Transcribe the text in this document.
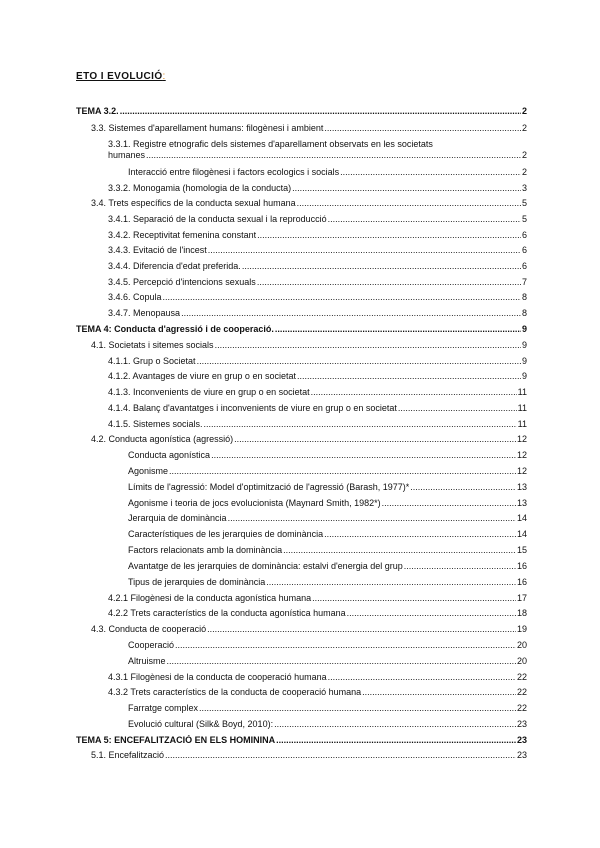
ETO I EVOLUCIÓ:
TEMA 3.2. .....	2
3.3. Sistemes d'aparellament humans: filogènesi i ambient .....	2
3.3.1. Registre etnografic dels sistemes d'aparellament observats en les societats
humanes .....	2
Interacció entre filogènesi i factors ecologics i socials .....	2
3.3.2. Monogamia (homologia de la conducta) .....	3
3.4. Trets específics de la conducta sexual humana .....	5
3.4.1. Separació de la conducta sexual i la reproducció .....	5
3.4.2. Receptivitat femenina constant .....	6
3.4.3. Evitació de l'incest .....	6
3.4.4. Diferencia d'edat preferida. .....	6
3.4.5. Percepció d'intencions sexuals .....	7
3.4.6. Copula .....	8
3.4.7. Menopausa .....	8
TEMA 4: Conducta d'agressió i de cooperació. .....	9
4.1. Societats i sitemes socials .....	9
4.1.1. Grup o Societat .....	9
4.1.2. Avantages de viure en grup o en societat .....	9
4.1.3. Inconvenients de viure en grup o en societat .....	11
4.1.4. Balanç d'avantatges i inconvenients de viure en grup o en societat .....	11
4.1.5. Sistemes socials. .....	11
4.2. Conducta agonística (agressió) .....	12
Conducta agonística .....	12
Agonisme .....	12
Límits de l'agressió: Model d'optimització de l'agressió (Barash, 1977)* .....	13
Agonisme i teoria de jocs evolucionista (Maynard Smith, 1982*) .....	13
Jerarquia de dominància .....	14
Característiques de les jerarquies de dominància .....	14
Factors relacionats amb la dominància .....	15
Avantatge de les jerarquies de dominància: estalvi d'energia del grup .....	16
Tipus de jerarquies de dominància .....	16
4.2.1 Filogènesi de la conducta agonística humana .....	17
4.2.2 Trets característics de la conducta agonística humana .....	18
4.3. Conducta de cooperació .....	19
Cooperació .....	20
Altruisme .....	20
4.3.1 Filogènesi de la conducta de cooperació humana .....	22
4.3.2 Trets característics de la conducta de cooperació humana .....	22
Farratge complex .....	22
Evolució cultural (Silk& Boyd, 2010): .....	23
TEMA 5: ENCEFALITZACIÓ EN ELS HOMININA .....	23
5.1. Encefalització .....	23
